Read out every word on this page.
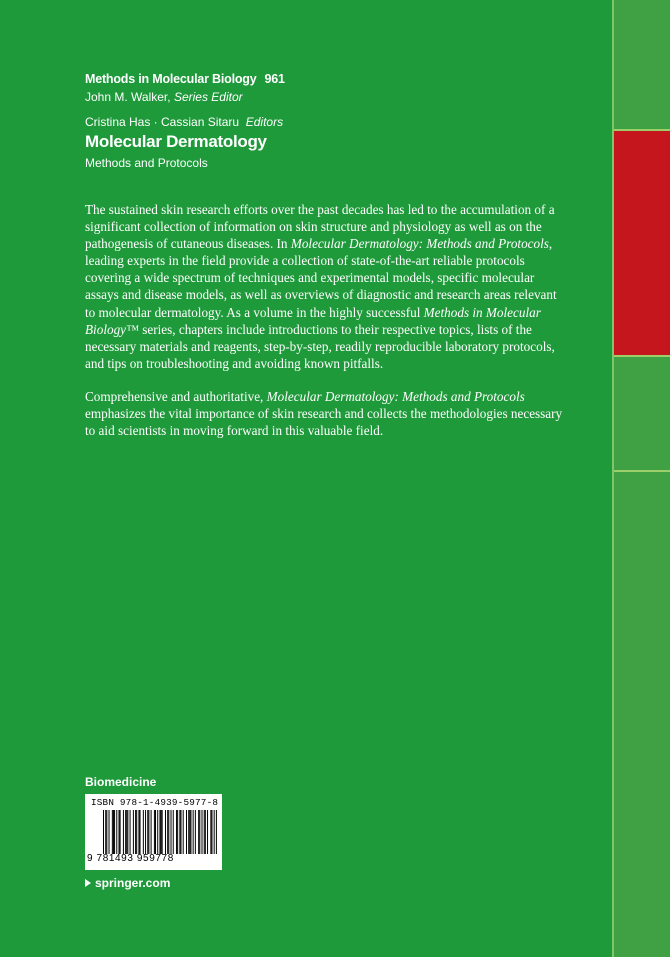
Methods in Molecular Biology 961
John M. Walker, Series Editor
Cristina Has · Cassian Sitaru Editors
Molecular Dermatology
Methods and Protocols

The sustained skin research efforts over the past decades has led to the accumulation of a significant collection of information on skin structure and physiology as well as on the pathogenesis of cutaneous diseases. In Molecular Dermatology: Methods and Protocols, leading experts in the field provide a collection of state-of-the-art reliable protocols covering a wide spectrum of techniques and experimental models, specific molecular assays and disease models, as well as overviews of diagnostic and research areas relevant to molecular dermatology. As a volume in the highly successful Methods in Molecular Biology™ series, chapters include introductions to their respective topics, lists of the necessary materials and reagents, step-by-step, readily reproducible laboratory protocols, and tips on troubleshooting and avoiding known pitfalls.

Comprehensive and authoritative, Molecular Dermatology: Methods and Protocols emphasizes the vital importance of skin research and collects the methodologies necessary to aid scientists in moving forward in this valuable field.

Biomedicine
ISBN 978-1-4939-5977-8
9 781493 959778
springer.com
